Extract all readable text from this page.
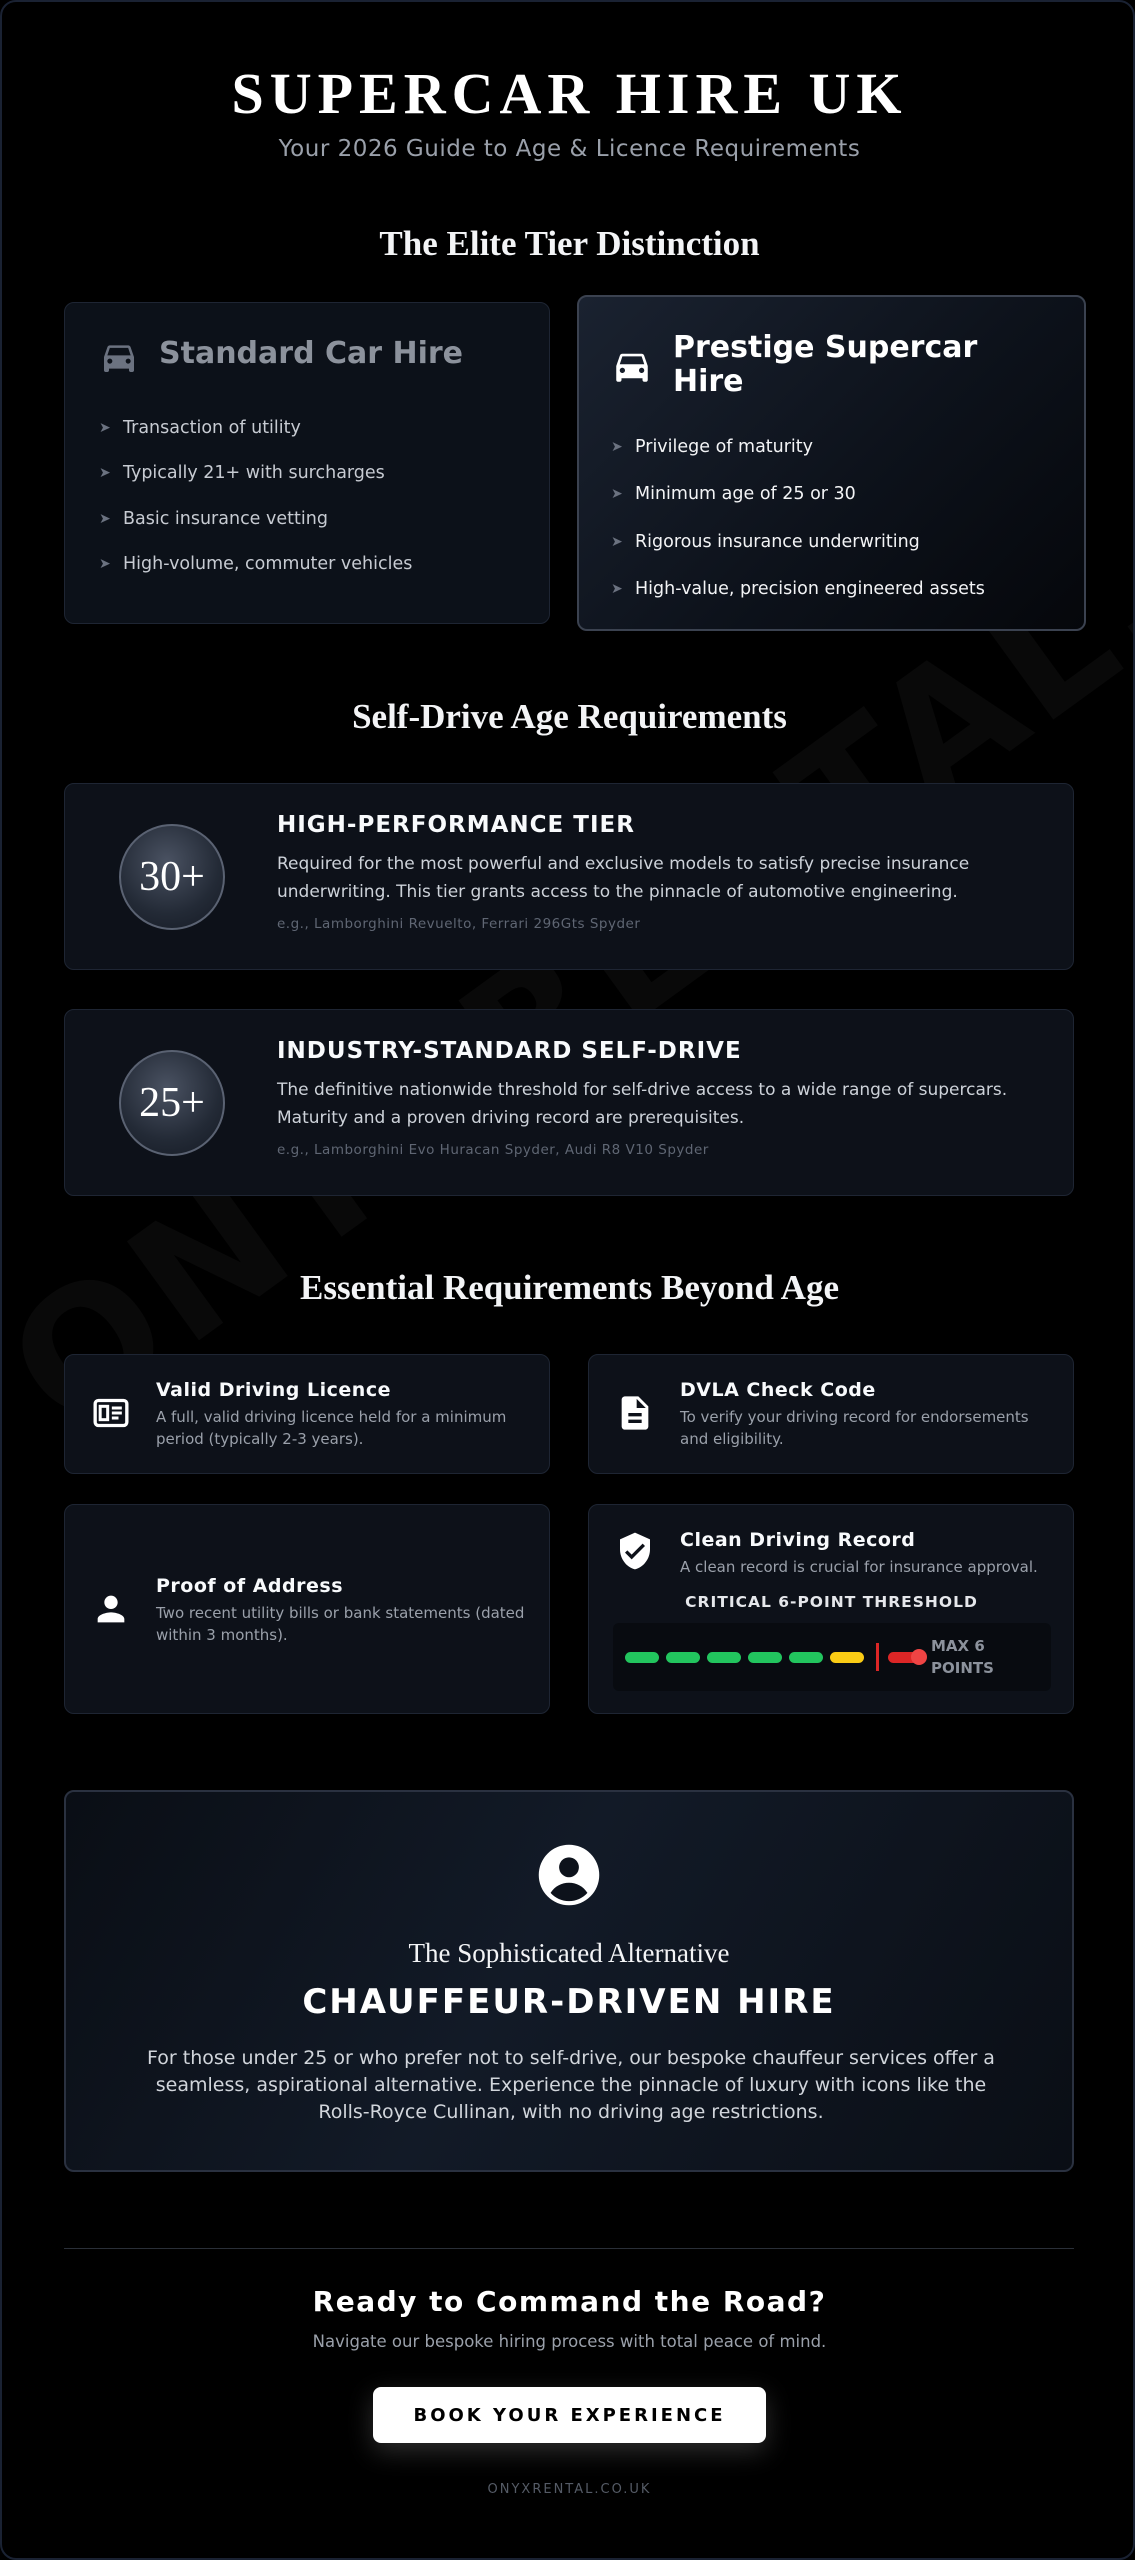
SUPERCAR HIRE UK
Your 2026 Guide to Age & Licence Requirements
The Elite Tier Distinction
Standard Car Hire
➤ Transaction of utility
➤ Typically 21+ with surcharges
➤ Basic insurance vetting
➤ High-volume, commuter vehicles
Prestige Supercar Hire
➤ Privilege of maturity
➤ Minimum age of 25 or 30
➤ Rigorous insurance underwriting
➤ High-value, precision engineered assets
Self-Drive Age Requirements
30+
HIGH-PERFORMANCE TIER
Required for the most powerful and exclusive models to satisfy precise insurance underwriting. This tier grants access to the pinnacle of automotive engineering.
e.g., Lamborghini Revuelto, Ferrari 296Gts Spyder
25+
INDUSTRY-STANDARD SELF-DRIVE
The definitive nationwide threshold for self-drive access to a wide range of supercars. Maturity and a proven driving record are prerequisites.
e.g., Lamborghini Evo Huracan Spyder, Audi R8 V10 Spyder
Essential Requirements Beyond Age
Valid Driving Licence
A full, valid driving licence held for a minimum period (typically 2-3 years).
DVLA Check Code
To verify your driving record for endorsements and eligibility.
Proof of Address
Two recent utility bills or bank statements (dated within 3 months).
Clean Driving Record
A clean record is crucial for insurance approval.
CRITICAL 6-POINT THRESHOLD
MAX 6 POINTS
The Sophisticated Alternative
CHAUFFEUR-DRIVEN HIRE
For those under 25 or who prefer not to self-drive, our bespoke chauffeur services offer a seamless, aspirational alternative. Experience the pinnacle of luxury with icons like the Rolls-Royce Cullinan, with no driving age restrictions.
Ready to Command the Road?
Navigate our bespoke hiring process with total peace of mind.
BOOK YOUR EXPERIENCE
ONYXRENTAL.CO.UK
